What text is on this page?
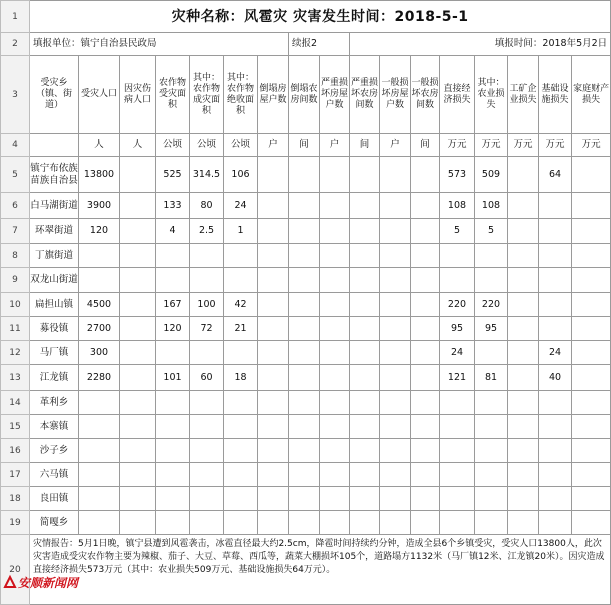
1	灾种名称：风雹灾 灾害发生时间：2018-5-1																
2	填报单位：镇宁自治县民政局							续报2		填报时间：2018年5月2日							
3	受灾乡（镇、街道）	受灾人口	因灾伤病人口	农作物受灾面积	其中：农作物成灾面积	其中：农作物绝收面积	倒塌房屋户数	倒塌农房间数	严重损坏房屋户数	严重损坏农房间数	一般损坏房屋户数	一般损坏农房间数	直接经济损失	其中：农业损失	工矿企业损失	基础设施损失	家庭财产损失
4		人	人	公顷	公顷	公顷	户	间	户	间	户	间	万元	万元	万元	万元	万元
5	镇宁布依族苗族自治县	13800		525	314.5	106							573	509		64	
6	白马湖街道	3900		133	80	24							108	108			
7	环翠街道	120		4	2.5	1							5	5			
8	丁旗街道																
9	双龙山街道																
10	扁担山镇	4500		167	100	42							220	220			
11	募役镇	2700		120	72	21							95	95			
12	马厂镇	300											24			24	
13	江龙镇	2280		101	60	18							121	81		40	
14	革利乡																
15	本寨镇																
16	沙子乡																
17	六马镇																
18	良田镇																
19	简嘎乡																
20	灾情报告：5月1日晚，镇宁县遭到风雹袭击，冰雹直径最大约2.5cm，降雹时间持续约分钟，造成全县6个乡镇受灾，受灾人口13800人，此次灾害造成受灾农作物主要为辣椒、茄子、大豆、草莓、西瓜等，蔬菜大棚损坏105个，道路塌方1132米（马厂镇12米、江龙镇20米）。因灾造成直接经济损失573万元（其中：农业损失509万元、基础设施损失64万元）。																
安顺新闻网
